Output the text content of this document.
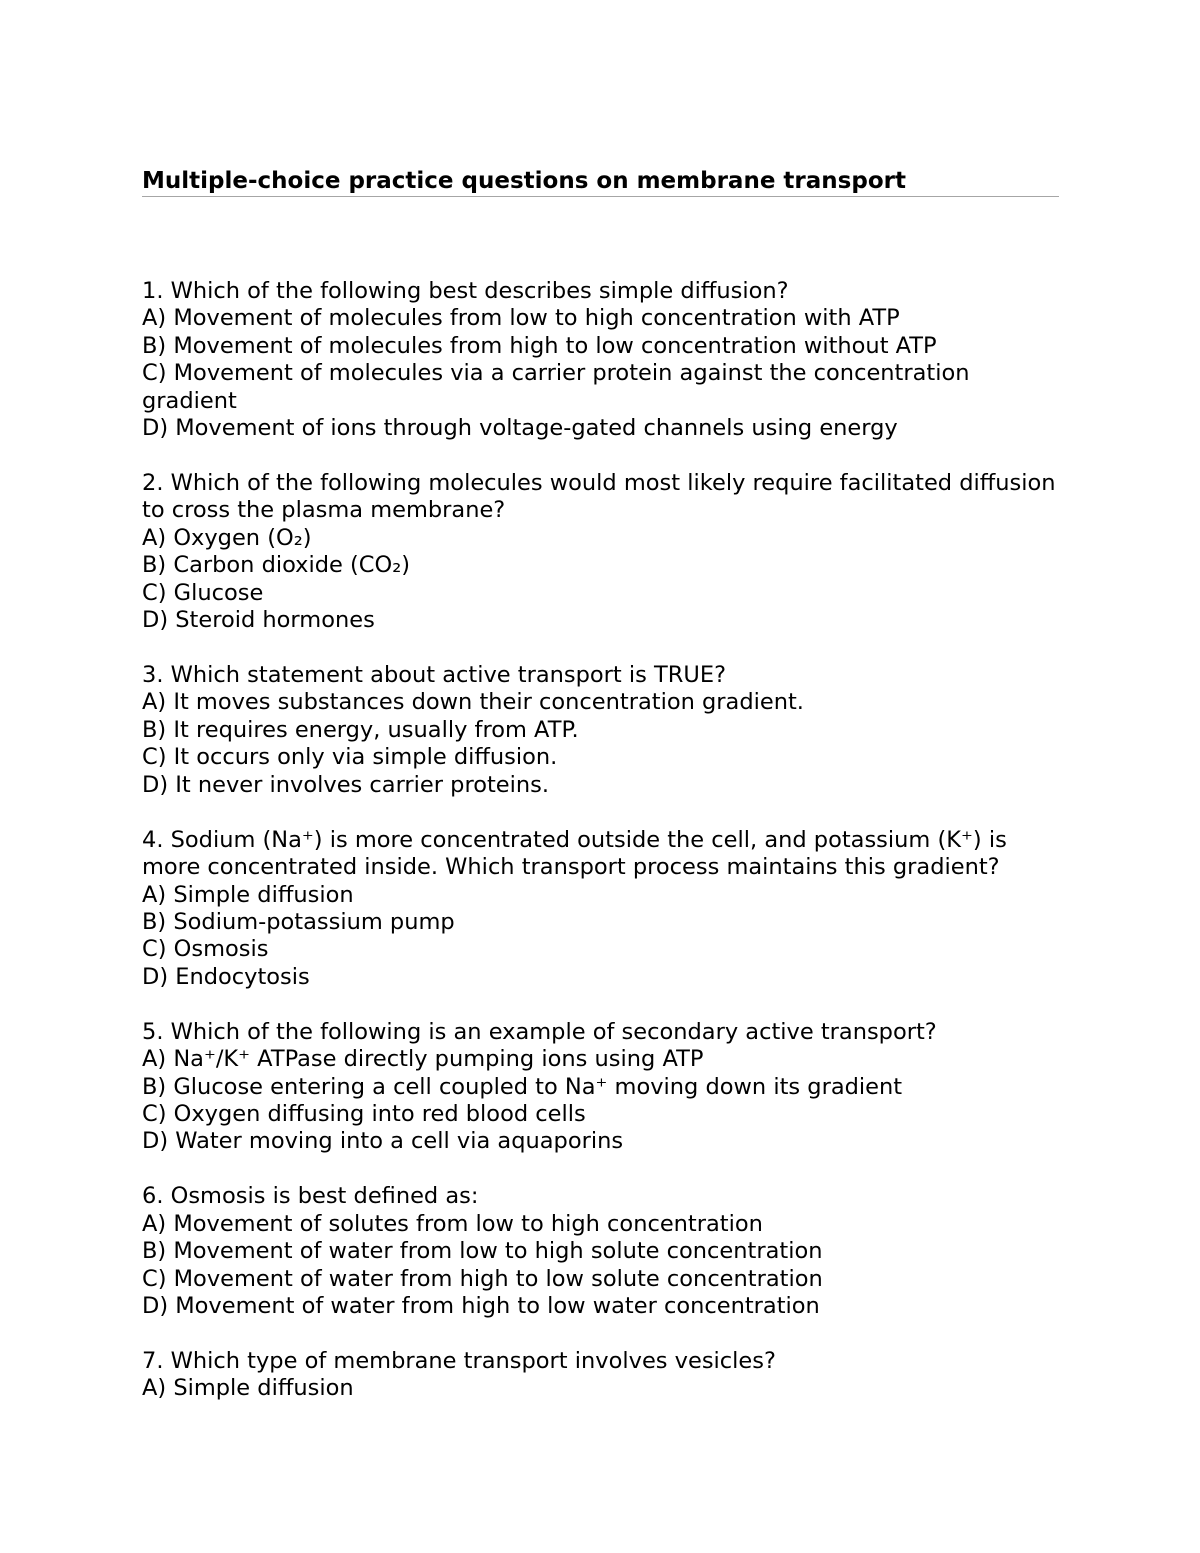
Multiple-choice practice questions on membrane transport

1. Which of the following best describes simple diffusion?

A) Movement of molecules from low to high concentration with ATP

B) Movement of molecules from high to low concentration without ATP

C) Movement of molecules via a carrier protein against the concentration gradient

D) Movement of ions through voltage-gated channels using energy

2. Which of the following molecules would most likely require facilitated diffusion to cross the plasma membrane?

A) Oxygen (O₂)

B) Carbon dioxide (CO₂)

C) Glucose

D) Steroid hormones

3. Which statement about active transport is TRUE?

A) It moves substances down their concentration gradient.

B) It requires energy, usually from ATP.

C) It occurs only via simple diffusion.

D) It never involves carrier proteins.

4. Sodium (Na⁺) is more concentrated outside the cell, and potassium (K⁺) is more concentrated inside. Which transport process maintains this gradient?

A) Simple diffusion

B) Sodium-potassium pump

C) Osmosis

D) Endocytosis

5. Which of the following is an example of secondary active transport?

A) Na⁺/K⁺ ATPase directly pumping ions using ATP

B) Glucose entering a cell coupled to Na⁺ moving down its gradient

C) Oxygen diffusing into red blood cells

D) Water moving into a cell via aquaporins

6. Osmosis is best defined as:

A) Movement of solutes from low to high concentration

B) Movement of water from low to high solute concentration

C) Movement of water from high to low solute concentration

D) Movement of water from high to low water concentration

7. Which type of membrane transport involves vesicles?

A) Simple diffusion
